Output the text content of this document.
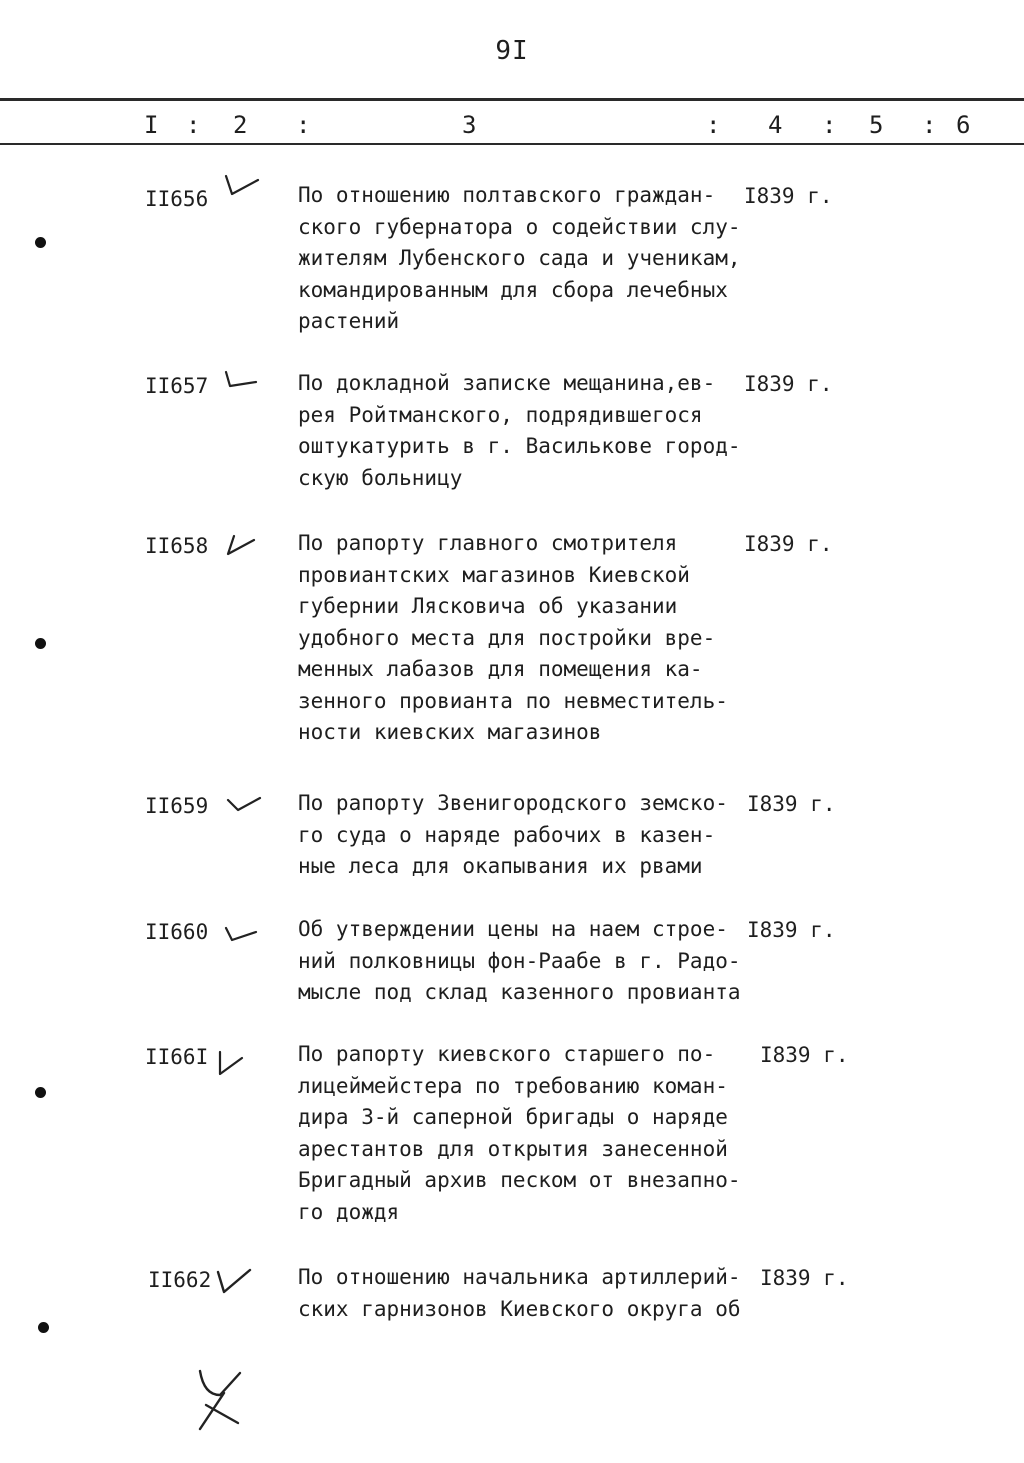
9I
I : 2 :	3	: 4 : 5 : 6
II656	По отношению полтавского граждан-
ского губернатора о содействии слу-
жителям Лубенского сада и ученикам,
командированным для сбора лечебных
растений
I839 г.
II657	По докладной записке мещанина,ев-
рея Ройтманского, подрядившегося
оштукатурить в г. Василькове город-
скую больницу
I839 г.
II658	По рапорту главного смотрителя
провиантских магазинов Киевской
губернии Лясковича об указании
удобного места для постройки вре-
менных лабазов для помещения ка-
зенного провианта по невместитель-
ности киевских магазинов
I839 г.
II659	По рапорту Звенигородского земско-
го суда о наряде рабочих в казен-
ные леса для окапывания их рвами
I839 г.
II660	Об утверждении цены на наем строе-
ний полковницы фон-Раабе в г. Радо-
мысле под склад казенного провианта
I839 г.
II66I	По рапорту киевского старшего по-
лицеймейстера по требованию коман-
дира 3-й саперной бригады о наряде
арестантов для открытия занесенной
Бригадный архив песком от внезапно-
го дождя
I839 г.
II662	По отношению начальника артиллерий-
ских гарнизонов Киевского округа об
I839 г.
